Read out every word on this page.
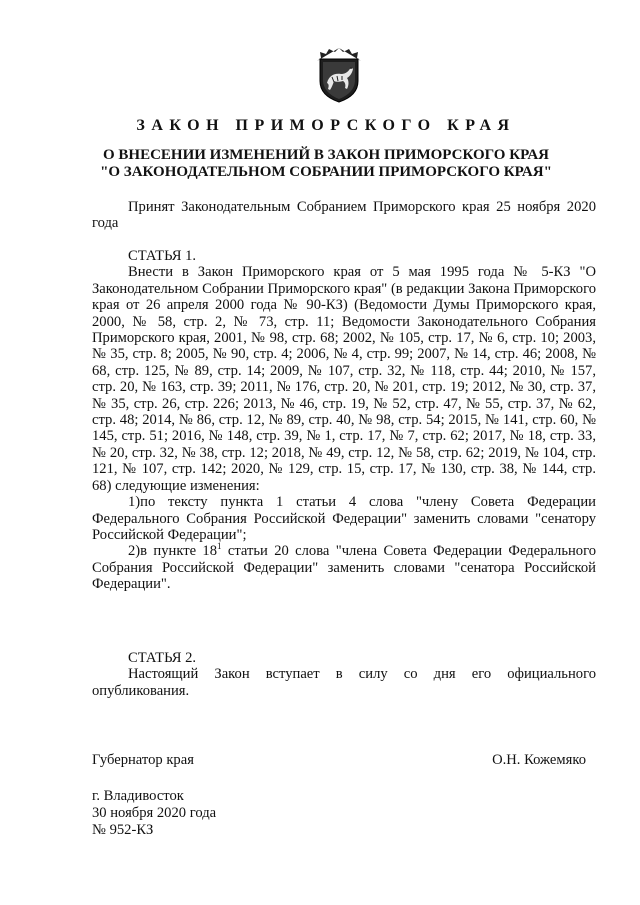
ЗАКОН ПРИМОРСКОГО КРАЯ
О ВНЕСЕНИИ ИЗМЕНЕНИЙ В ЗАКОН ПРИМОРСКОГО КРАЯ
"О ЗАКОНОДАТЕЛЬНОМ СОБРАНИИ ПРИМОРСКОГО КРАЯ"
Принят Законодательным Собранием Приморского края 25 ноября 2020 года

СТАТЬЯ 1.

Внести в Закон Приморского края от 5 мая 1995 года № 5-КЗ "О Законодательном Собрании Приморского края" (в редакции Закона Приморского края от 26 апреля 2000 года № 90-КЗ) (Ведомости Думы Приморского края, 2000, № 58, стр. 2, № 73, стр. 11; Ведомости Законодательного Собрания Приморского края, 2001, № 98, стр. 68; 2002, № 105, стр. 17, № 6, стр. 10; 2003, № 35, стр. 8; 2005, № 90, стр. 4; 2006, № 4, стр. 99; 2007, № 14, стр. 46; 2008, № 68, стр. 125, № 89, стр. 14; 2009, № 107, стр. 32, № 118, стр. 44; 2010, № 157, стр. 20, № 163, стр. 39; 2011, № 176, стр. 20, № 201, стр. 19; 2012, № 30, стр. 37, № 35, стр. 26, стр. 226; 2013, № 46, стр. 19, № 52, стр. 47, № 55, стр. 37, № 62, стр. 48; 2014, № 86, стр. 12, № 89, стр. 40, № 98, стр. 54; 2015, № 141, стр. 60, № 145, стр. 51; 2016, № 148, стр. 39, № 1, стр. 17, № 7, стр. 62; 2017, № 18, стр. 33, № 20, стр. 32, № 38, стр. 12; 2018, № 49, стр. 12, № 58, стр. 62; 2019, № 104, стр. 121, № 107, стр. 142; 2020, № 129, стр. 15, стр. 17, № 130, стр. 38, № 144, стр. 68) следующие изменения:

1)по тексту пункта 1 статьи 4 слова "члену Совета Федерации Федерального Собрания Российской Федерации" заменить словами "сенатору Российской Федерации";

2)в пункте $18^1$ статьи 20 слова "члена Совета Федерации Федерального Собрания Российской Федерации" заменить словами "сенатора Российской Федерации".

СТАТЬЯ 2.

Настоящий Закон вступает в силу со дня его официального опубликования.

Губернатор края	О.Н. Кожемяко
г. Владивосток
30 ноября 2020 года
№ 952-КЗ
